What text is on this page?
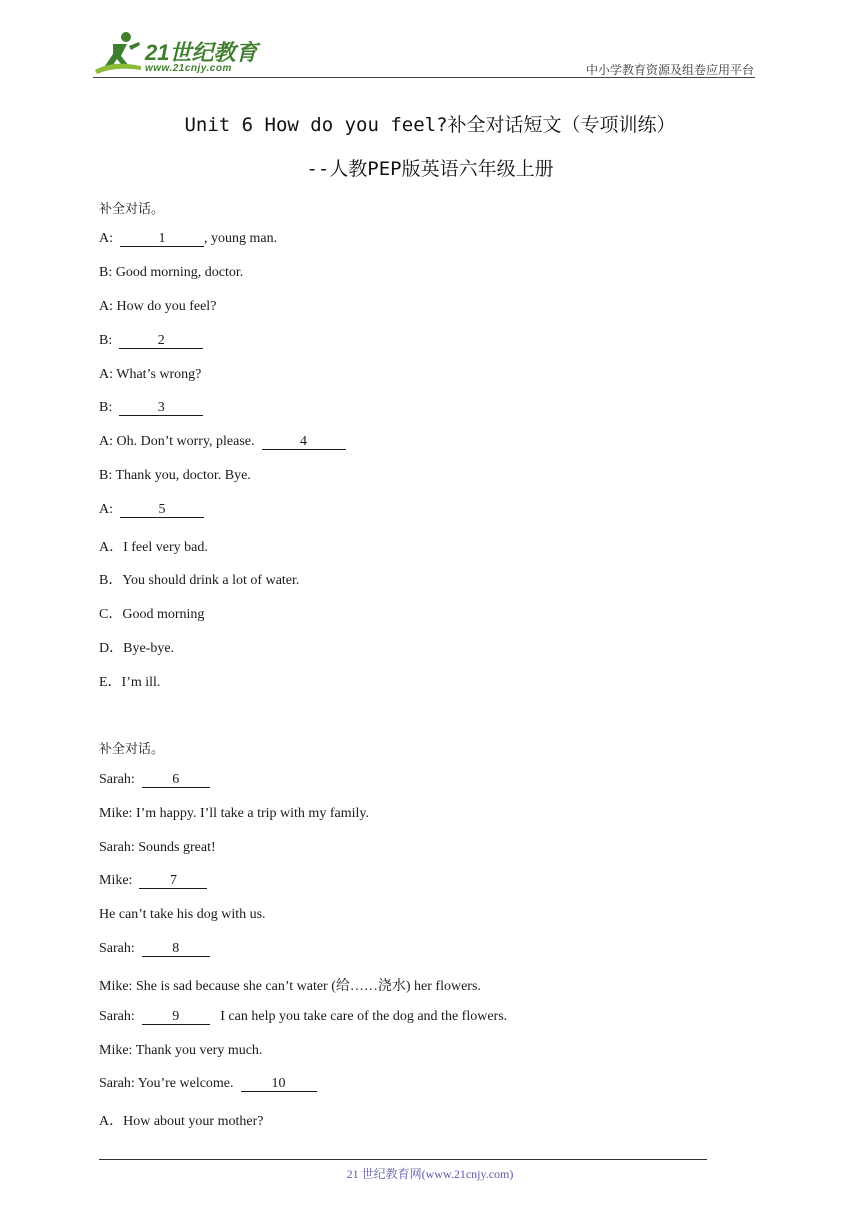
21世纪教育
www.21cnjy.com	中小学教育资源及组卷应用平台
Unit 6 How do you feel?补全对话短文（专项训练）
--人教PEP版英语六年级上册
补全对话。
A:	1	, young man.
B: Good morning, doctor.
A: How do you feel?
B:	2
A: What’s wrong?
B:	3
A: Oh. Don’t worry, please.	4
B: Thank you, doctor. Bye.
A:	5
A．I feel very bad.
B．You should drink a lot of water.
C．Good morning
D．Bye-bye.
E．I’m ill.
补全对话。
Sarah:  6
Mike: I’m happy. I’ll take a trip with my family.
Sarah: Sounds great!
Mike:  7
He can’t take his dog with us.
Sarah:  8
Mike: She is sad because she can’t water (给……浇水) her flowers.
Sarah:  9   I can help you take care of the dog and the flowers.
Mike: Thank you very much.
Sarah: You’re welcome.  10
A．How about your mother?
21 世纪教育网(www.21cnjy.com)
